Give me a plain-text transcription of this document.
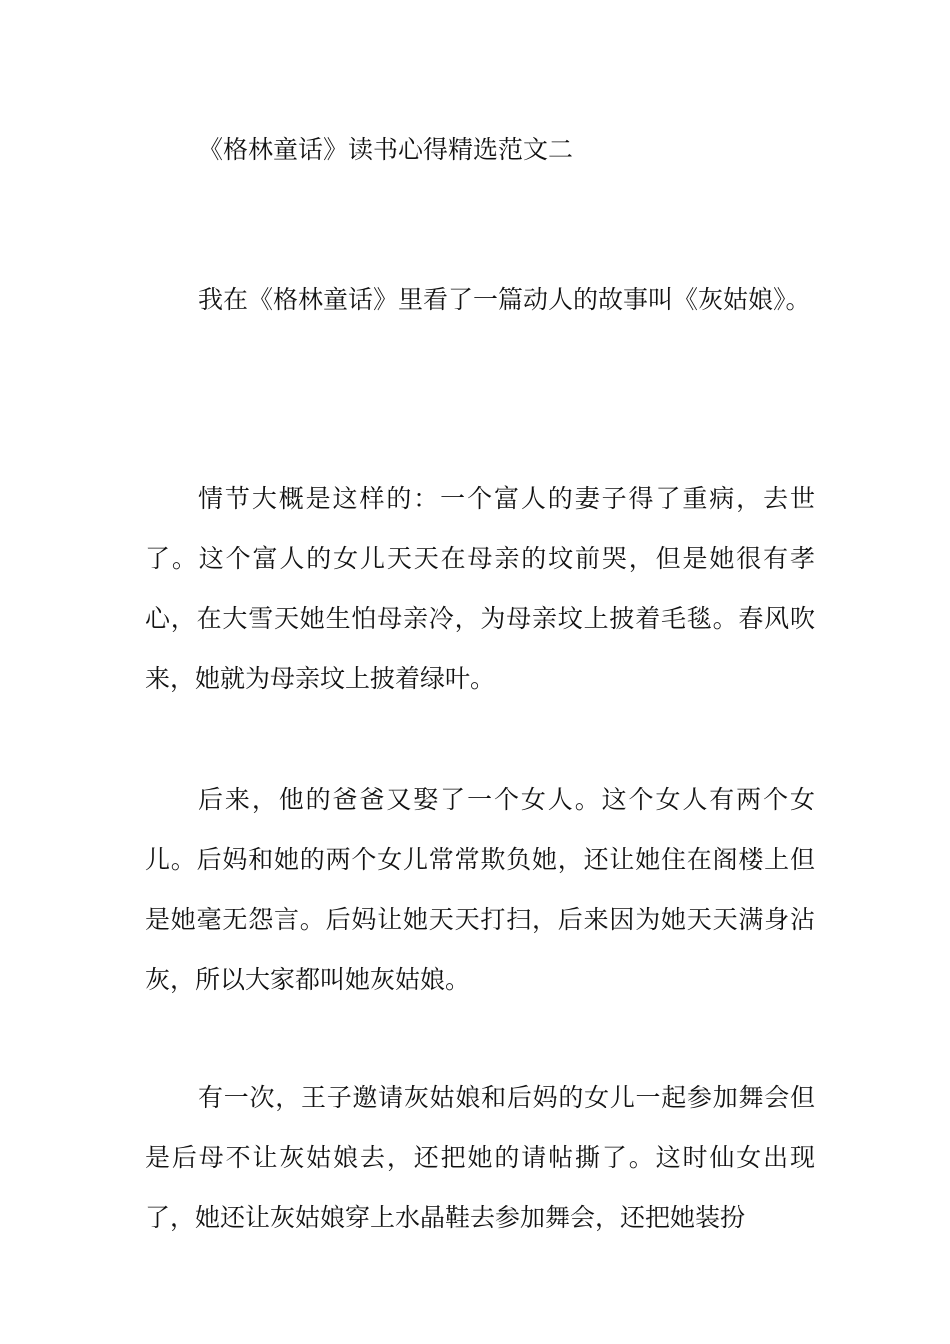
《格林童话》读书心得精选范文二

我在《格林童话》里看了一篇动人的故事叫《灰姑娘》。

情节大概是这样的：一个富人的妻子得了重病，去世了。这个富人的女儿天天在母亲的坟前哭，但是她很有孝心，在大雪天她生怕母亲冷，为母亲坟上披着毛毯。春风吹来，她就为母亲坟上披着绿叶。

后来，他的爸爸又娶了一个女人。这个女人有两个女儿。后妈和她的两个女儿常常欺负她，还让她住在阁楼上但是她毫无怨言。后妈让她天天打扫，后来因为她天天满身沾灰，所以大家都叫她灰姑娘。

有一次，王子邀请灰姑娘和后妈的女儿一起参加舞会但是后母不让灰姑娘去，还把她的请帖撕了。这时仙女出现了，她还让灰姑娘穿上水晶鞋去参加舞会，还把她装扮
